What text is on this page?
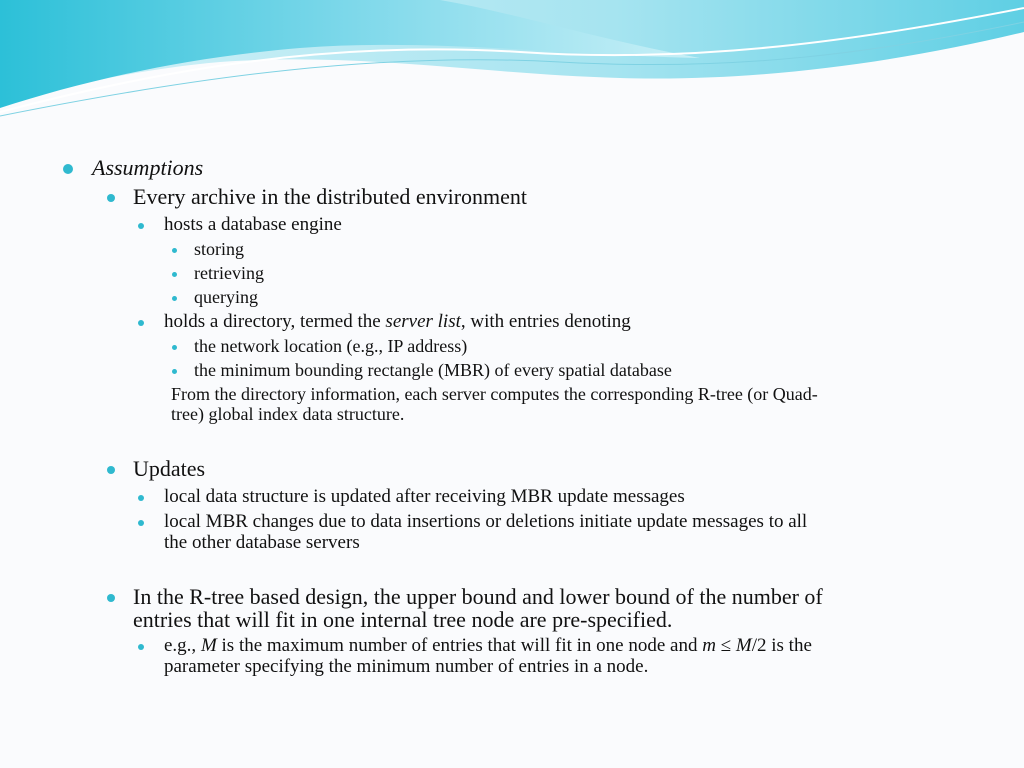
Assumptions
Every archive in the distributed environment
hosts a database engine
storing
retrieving
querying
holds a directory, termed the server list, with entries denoting
the network location (e.g., IP address)
the minimum bounding rectangle (MBR) of every spatial database
From the directory information, each server computes the corresponding R-tree (or Quad-
tree) global index data structure.
Updates
local data structure is updated after receiving MBR update messages
local MBR changes due to data insertions or deletions initiate update messages to all
the other database servers
In the R-tree based design, the upper bound and lower bound of the number of
entries that will fit in one internal tree node are pre-specified.
e.g., M is the maximum number of entries that will fit in one node and m ≤ M/2 is the
parameter specifying the minimum number of entries in a node.
